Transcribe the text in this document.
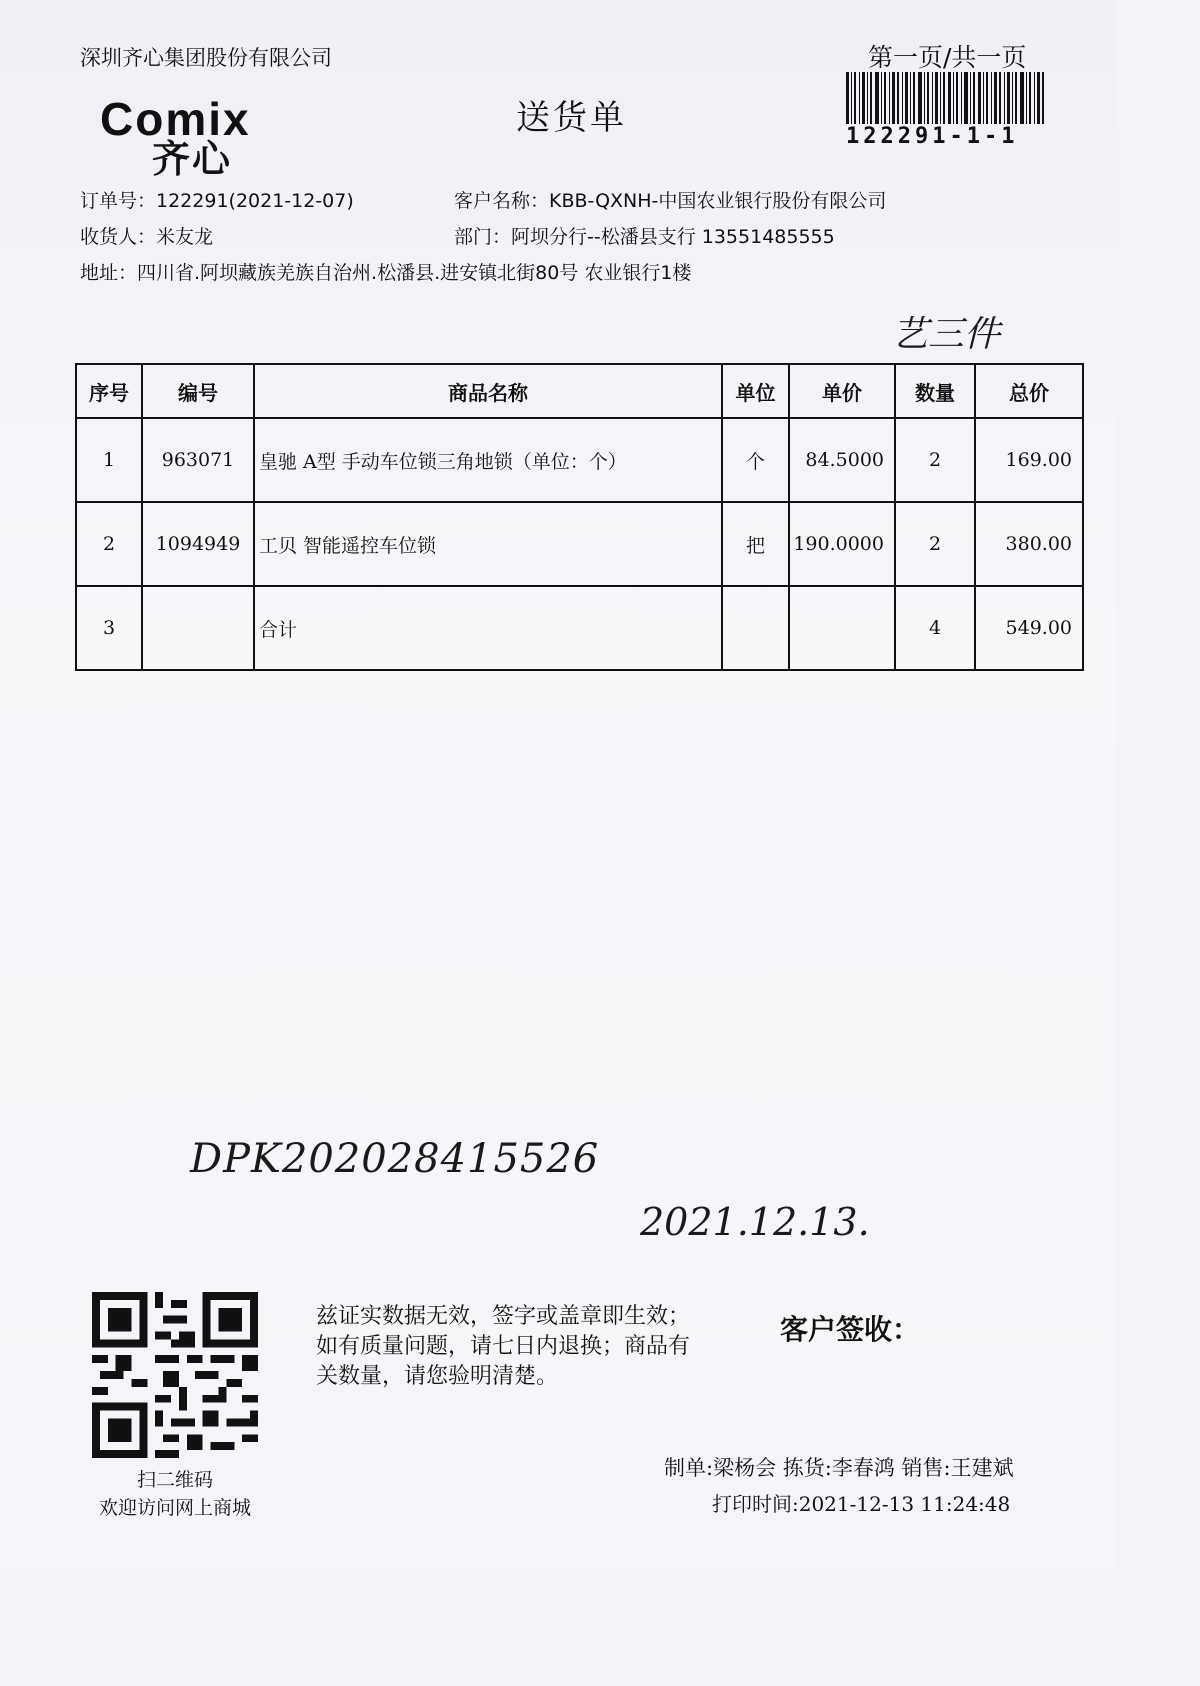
深圳齐心集团股份有限公司	第一页/共一页
Comix
齐心
送货单	122291-1-1
订单号：122291(2021-12-07)	客户名称：KBB-QXNH-中国农业银行股份有限公司
收货人：米友龙	部门：阿坝分行--松潘县支行 13551485555
地址：四川省.阿坝藏族羌族自治州.松潘县.进安镇北街80号 农业银行1楼
艺三件
序号	编号	商品名称	单位	单价	数量	总价
1	963071	皇驰 A型 手动车位锁三角地锁（单位：个）	个	84.5000	2	169.00
2	1094949	工贝 智能遥控车位锁	把	190.0000	2	380.00
3		合计			4	549.00
DPK202028415526
2021.12.13.
兹证实数据无效，签字或盖章即生效；如有质量问题，请七日内退换；商品有关数量，请您验明清楚。
客户签收：
扫二维码
欢迎访问网上商城
制单:梁杨会 拣货:李春鸿 销售:王建斌
打印时间:2021-12-13 11:24:48
